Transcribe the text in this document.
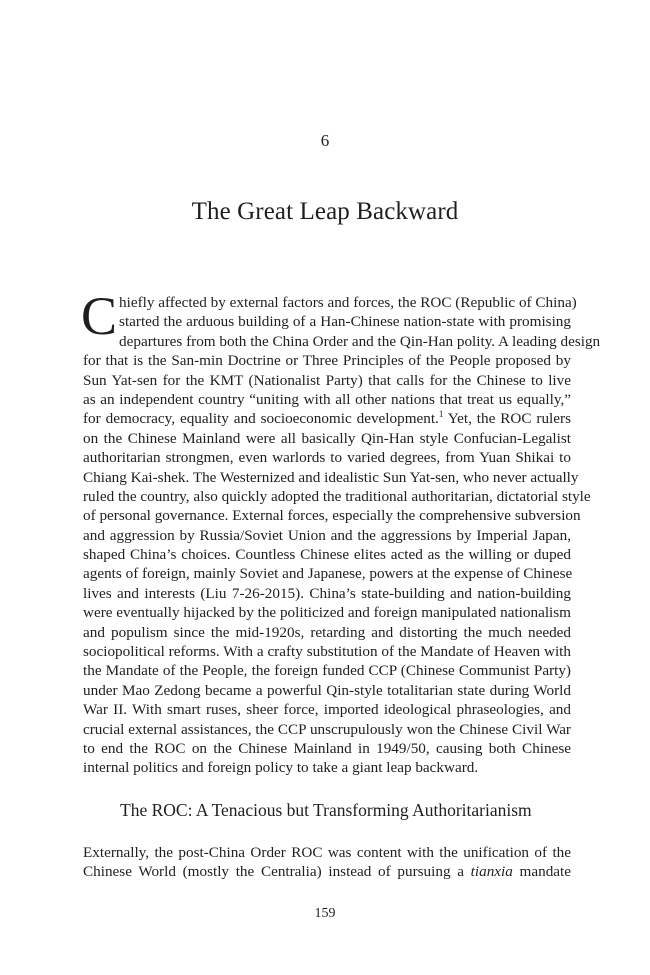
6
The Great Leap Backward
C hiefly affected by external factors and forces, the ROC (Republic of China)
started the arduous building of a Han-Chinese nation-state with promising
departures from both the China Order and the Qin-Han polity. A leading design
for that is the San-min Doctrine or Three Principles of the People proposed by
Sun Yat-sen for the KMT (Nationalist Party) that calls for the Chinese to live
as an independent country “uniting with all other nations that treat us equally,”
for democracy, equality and socioeconomic development.$^1$ Yet, the ROC rulers
on the Chinese Mainland were all basically Qin-Han style Confucian-Legalist
authoritarian strongmen, even warlords to varied degrees, from Yuan Shikai to
Chiang Kai-shek. The Westernized and idealistic Sun Yat-sen, who never actually
ruled the country, also quickly adopted the traditional authoritarian, dictatorial style
of personal governance. External forces, especially the comprehensive subversion
and aggression by Russia/Soviet Union and the aggressions by Imperial Japan,
shaped China’s choices. Countless Chinese elites acted as the willing or duped
agents of foreign, mainly Soviet and Japanese, powers at the expense of Chinese
lives and interests (Liu 7-26-2015). China’s state-building and nation-building
were eventually hijacked by the politicized and foreign manipulated nationalism
and populism since the mid-1920s, retarding and distorting the much needed
sociopolitical reforms. With a crafty substitution of the Mandate of Heaven with
the Mandate of the People, the foreign funded CCP (Chinese Communist Party)
under Mao Zedong became a powerful Qin-style totalitarian state during World
War II. With smart ruses, sheer force, imported ideological phraseologies, and
crucial external assistances, the CCP unscrupulously won the Chinese Civil War
to end the ROC on the Chinese Mainland in 1949/50, causing both Chinese
internal politics and foreign policy to take a giant leap backward.
The ROC: A Tenacious but Transforming Authoritarianism
Externally, the post-China Order ROC was content with the unification of the
Chinese World (mostly the Centralia) instead of pursuing a tianxia mandate
159
